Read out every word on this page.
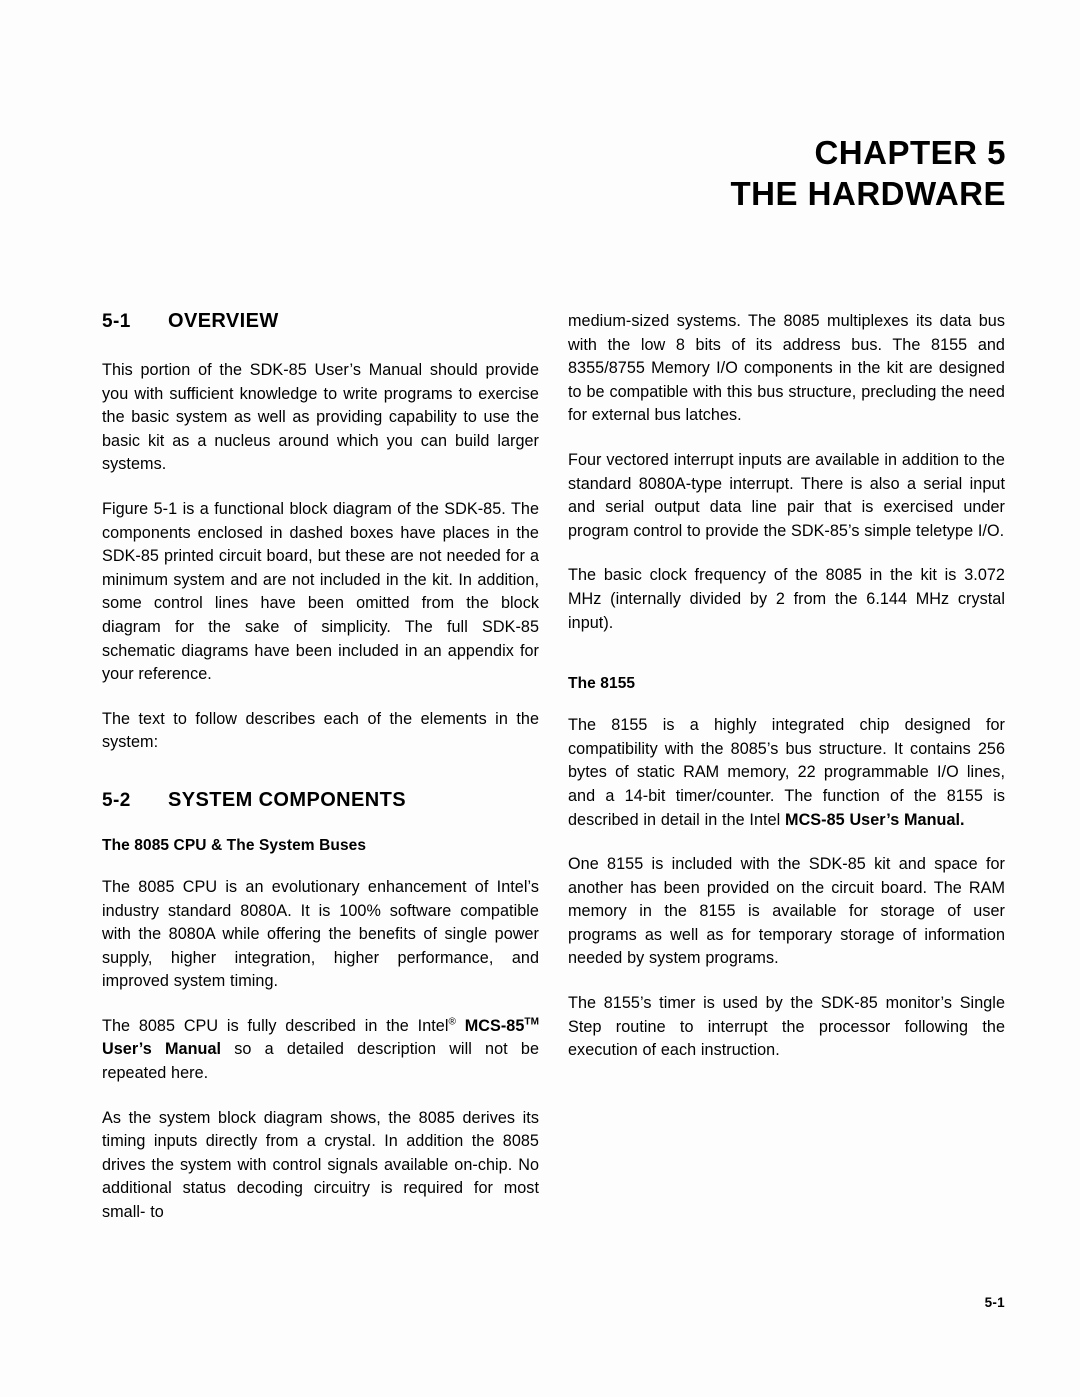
CHAPTER 5
THE HARDWARE
5-1	OVERVIEW

This portion of the SDK-85 User’s Manual should provide you with sufficient knowledge to write programs to exercise the basic system as well as providing capability to use the basic kit as a nucleus around which you can build larger systems.

Figure 5-1 is a functional block diagram of the SDK-85. The components enclosed in dashed boxes have places in the SDK-85 printed circuit board, but these are not needed for a minimum system and are not included in the kit. In addition, some control lines have been omitted from the block diagram for the sake of simplicity. The full SDK-85 schematic diagrams have been included in an appendix for your reference.

The text to follow describes each of the elements in the system:

5-2	SYSTEM COMPONENTS
The 8085 CPU & The System Buses

The 8085 CPU is an evolutionary enhancement of Intel’s industry standard 8080A. It is 100% software compatible with the 8080A while offering the benefits of single power supply, higher integration, higher performance, and improved system timing.

The 8085 CPU is fully described in the Intel® MCS-85™ User’s Manual so a detailed description will not be repeated here.

As the system block diagram shows, the 8085 derives its timing inputs directly from a crystal. In addition the 8085 drives the system with control signals available on-chip. No additional status decoding circuitry is required for most small- to

medium-sized systems. The 8085 multiplexes its data bus with the low 8 bits of its address bus. The 8155 and 8355/8755 Memory I/O components in the kit are designed to be compatible with this bus structure, precluding the need for external bus latches.

Four vectored interrupt inputs are available in addition to the standard 8080A-type interrupt. There is also a serial input and serial output data line pair that is exercised under program control to provide the SDK-85’s simple teletype I/O.

The basic clock frequency of the 8085 in the kit is 3.072 MHz (internally divided by 2 from the 6.144 MHz crystal input).

The 8155

The 8155 is a highly integrated chip designed for compatibility with the 8085’s bus structure. It contains 256 bytes of static RAM memory, 22 programmable I/O lines, and a 14-bit timer/counter. The function of the 8155 is described in detail in the Intel MCS-85 User’s Manual.

One 8155 is included with the SDK-85 kit and space for another has been provided on the circuit board. The RAM memory in the 8155 is available for storage of user programs as well as for temporary storage of information needed by system programs.

The 8155’s timer is used by the SDK-85 monitor’s Single Step routine to interrupt the processor following the execution of each instruction.

5-1
